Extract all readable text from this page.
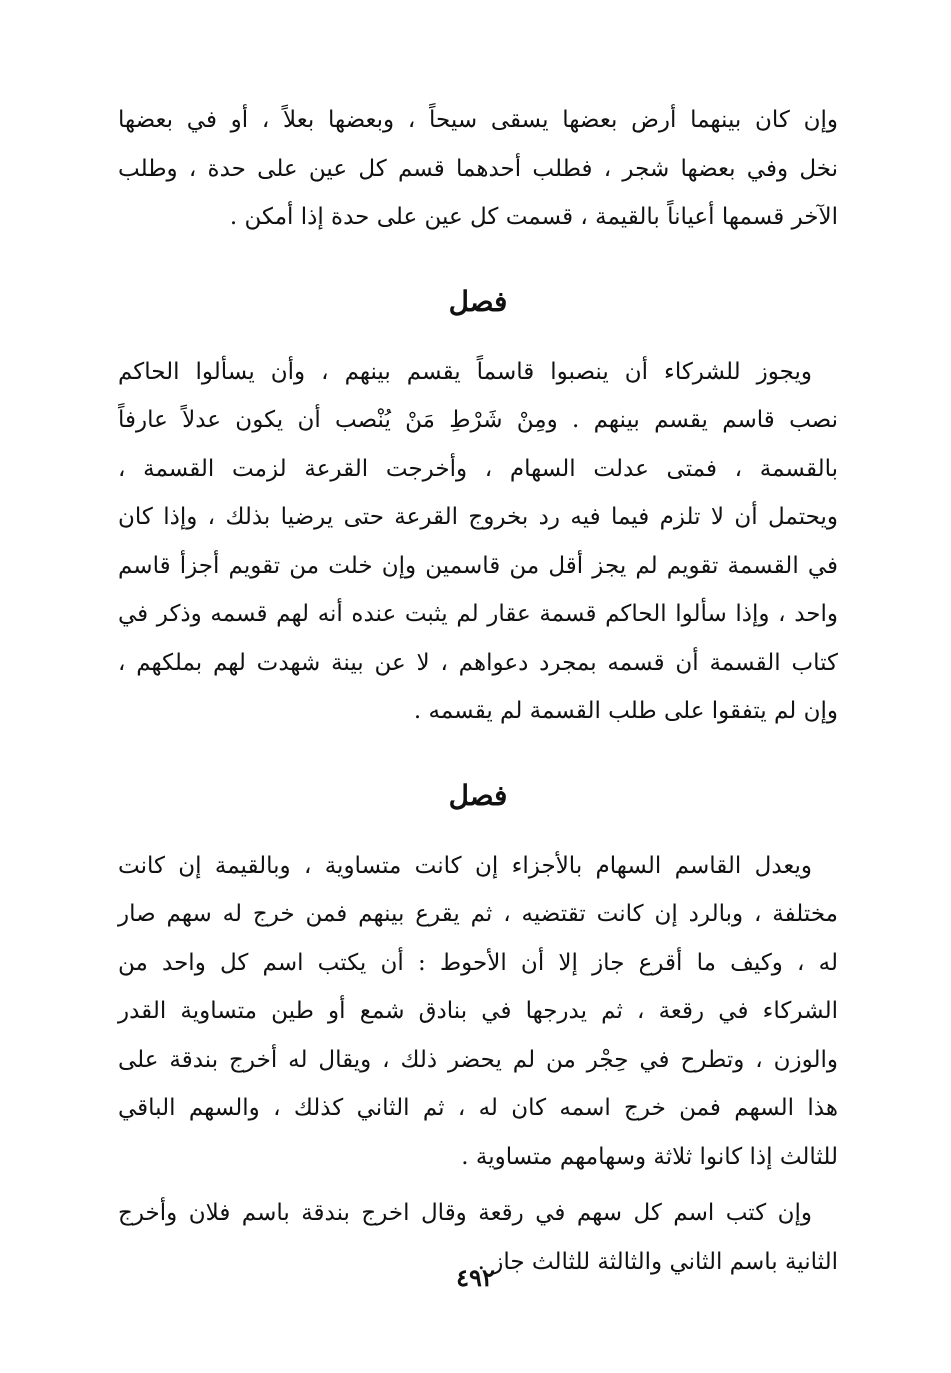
وإن كان بينهما أرض بعضها يسقى سيحاً ، وبعضها بعلاً ، أو في بعضها
نخل وفي بعضها شجر ، فطلب أحدهما قسم كل عين على حدة ، وطلب
الآخر قسمها أعياناً بالقيمة ، قسمت كل عين على حدة إذا أمكن .

فصل

ويجوز للشركاء أن ينصبوا قاسماً يقسم بينهم ، وأن يسألوا الحاكم
نصب قاسم يقسم بينهم . ومِنْ شَرْطِ مَنْ يُنْصب أن يكون عدلاً عارفاً
بالقسمة ، فمتى عدلت السهام ، وأخرجت القرعة لزمت القسمة ،
ويحتمل أن لا تلزم فيما فيه رد بخروج القرعة حتى يرضيا بذلك ، وإذا كان
في القسمة تقويم لم يجز أقل من قاسمين وإن خلت من تقويم أجزأ قاسم
واحد ، وإذا سألوا الحاكم قسمة عقار لم يثبت عنده أنه لهم قسمه وذكر في
كتاب القسمة أن قسمه بمجرد دعواهم ، لا عن بينة شهدت لهم بملكهم ،
وإن لم يتفقوا على طلب القسمة لم يقسمه .

فصل

ويعدل القاسم السهام بالأجزاء إن كانت متساوية ، وبالقيمة إن كانت
مختلفة ، وبالرد إن كانت تقتضيه ، ثم يقرع بينهم فمن خرج له سهم صار
له ، وكيف ما أقرع جاز إلا أن الأحوط : أن يكتب اسم كل واحد من
الشركاء في رقعة ، ثم يدرجها في بنادق شمع أو طين متساوية القدر
والوزن ، وتطرح في حِجْر من لم يحضر ذلك ، ويقال له أخرج بندقة على
هذا السهم فمن خرج اسمه كان له ، ثم الثاني كذلك ، والسهم الباقي
للثالث إذا كانوا ثلاثة وسهامهم متساوية .

وإن كتب اسم كل سهم في رقعة وقال اخرج بندقة باسم فلان وأخرج
الثانية باسم الثاني والثالثة للثالث جاز .

٤٩٢
